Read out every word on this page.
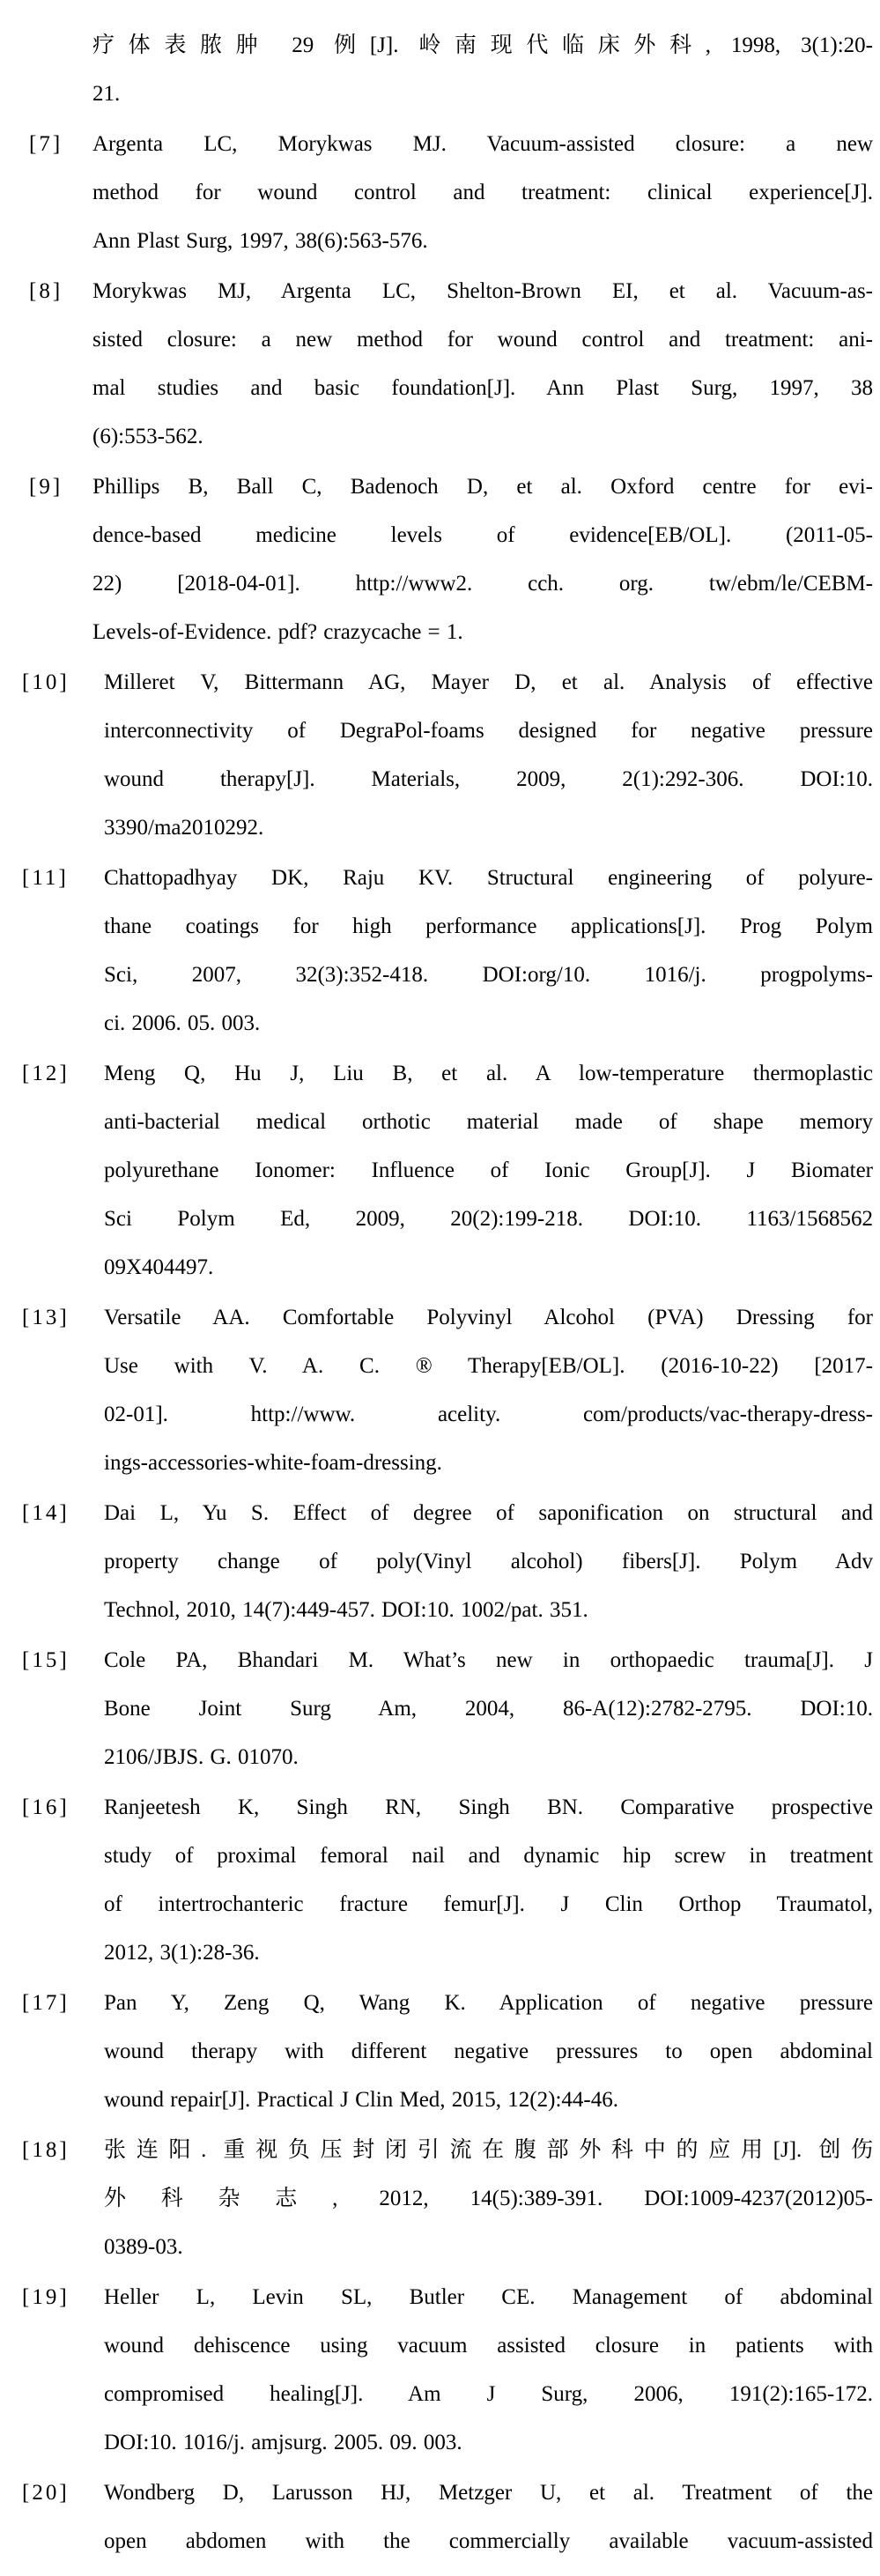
疗体表脓肿 29 例[J]. 岭南现代临床外科, 1998, 3(1):20-
21.
[7] Argenta LC, Morykwas MJ. Vacuum-assisted closure: a new
method for wound control and treatment: clinical experience[J].
Ann Plast Surg, 1997, 38(6):563-576.
[8] Morykwas MJ, Argenta LC, Shelton-Brown EI, et al. Vacuum-as-
sisted closure: a new method for wound control and treatment: ani-
mal studies and basic foundation[J]. Ann Plast Surg, 1997, 38
(6):553-562.
[9] Phillips B, Ball C, Badenoch D, et al. Oxford centre for evi-
dence-based medicine levels of evidence[EB/OL]. (2011-05-
22) [2018-04-01]. http://www2. cch. org. tw/ebm/le/CEBM-
Levels-of-Evidence. pdf? crazycache = 1.
[10] Milleret V, Bittermann AG, Mayer D, et al. Analysis of effective
interconnectivity of DegraPol-foams designed for negative pressure
wound therapy[J]. Materials, 2009, 2(1):292-306. DOI:10.
3390/ma2010292.
[11] Chattopadhyay DK, Raju KV. Structural engineering of polyure-
thane coatings for high performance applications[J]. Prog Polym
Sci, 2007, 32(3):352-418. DOI:org/10. 1016/j. progpolyms-
ci. 2006. 05. 003.
[12] Meng Q, Hu J, Liu B, et al. A low-temperature thermoplastic
anti-bacterial medical orthotic material made of shape memory
polyurethane Ionomer: Influence of Ionic Group[J]. J Biomater
Sci Polym Ed, 2009, 20(2):199-218. DOI:10. 1163/1568562
09X404497.
[13] Versatile AA. Comfortable Polyvinyl Alcohol (PVA) Dressing for
Use with V. A. C. ® Therapy[EB/OL]. (2016-10-22) [2017-
02-01]. http://www. acelity. com/products/vac-therapy-dress-
ings-accessories-white-foam-dressing.
[14] Dai L, Yu S. Effect of degree of saponification on structural and
property change of poly(Vinyl alcohol) fibers[J]. Polym Adv
Technol, 2010, 14(7):449-457. DOI:10. 1002/pat. 351.
[15] Cole PA, Bhandari M. What’s new in orthopaedic trauma[J]. J
Bone Joint Surg Am, 2004, 86-A(12):2782-2795. DOI:10.
2106/JBJS. G. 01070.
[16] Ranjeetesh K, Singh RN, Singh BN. Comparative prospective
study of proximal femoral nail and dynamic hip screw in treatment
of intertrochanteric fracture femur[J]. J Clin Orthop Traumatol,
2012, 3(1):28-36.
[17] Pan Y, Zeng Q, Wang K. Application of negative pressure
wound therapy with different negative pressures to open abdominal
wound repair[J]. Practical J Clin Med, 2015, 12(2):44-46.
[18] 张连阳. 重视负压封闭引流在腹部外科中的应用[J]. 创伤
外科杂志, 2012, 14(5):389-391. DOI:1009-4237(2012)05-
0389-03.
[19] Heller L, Levin SL, Butler CE. Management of abdominal
wound dehiscence using vacuum assisted closure in patients with
compromised healing[J]. Am J Surg, 2006, 191(2):165-172.
DOI:10. 1016/j. amjsurg. 2005. 09. 003.
[20] Wondberg D, Larusson HJ, Metzger U, et al. Treatment of the
open abdomen with the commercially available vacuum-assisted
